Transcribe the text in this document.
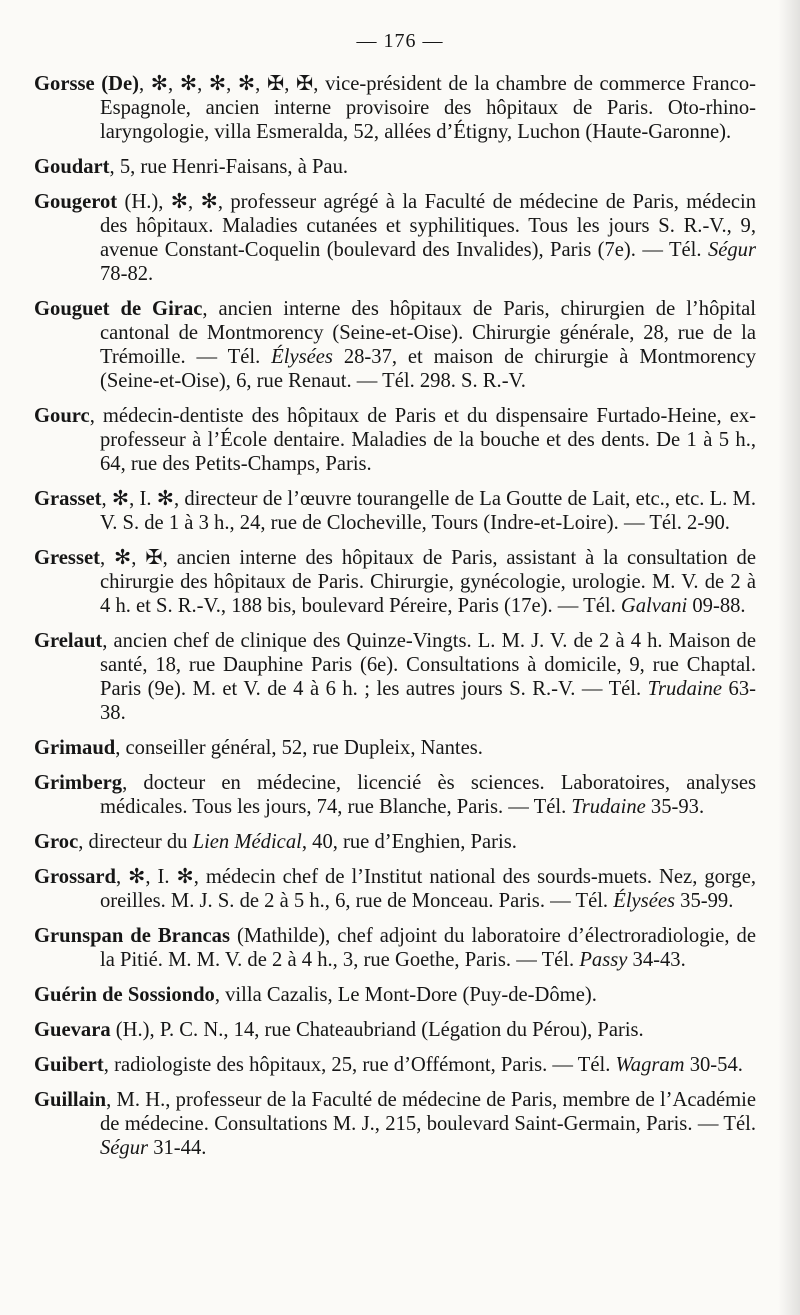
— 176 —

Gorsse (De), ✻, ✻, ✻, ✻, ✠, ✠, vice-président de la chambre de commerce Franco-Espagnole, ancien interne provisoire des hôpitaux de Paris. Oto-rhino-laryngologie, villa Esmeralda, 52, allées d’Étigny, Luchon (Haute-Garonne).

Goudart, 5, rue Henri-Faisans, à Pau.

Gougerot (H.), ✻, ✻, professeur agrégé à la Faculté de médecine de Paris, médecin des hôpitaux. Maladies cutanées et syphilitiques. Tous les jours S. R.-V., 9, avenue Constant-Coquelin (boulevard des Invalides), Paris (7e). — Tél. Ségur 78-82.

Gouguet de Girac, ancien interne des hôpitaux de Paris, chirurgien de l’hôpital cantonal de Montmorency (Seine-et-Oise). Chirurgie générale, 28, rue de la Trémoille. — Tél. Élysées 28-37, et maison de chirurgie à Montmorency (Seine-et-Oise), 6, rue Renaut. — Tél. 298. S. R.-V.

Gourc, médecin-dentiste des hôpitaux de Paris et du dispensaire Furtado-Heine, ex-professeur à l’École dentaire. Maladies de la bouche et des dents. De 1 à 5 h., 64, rue des Petits-Champs, Paris.

Grasset, ✻, I. ✻, directeur de l’œuvre tourangelle de La Goutte de Lait, etc., etc. L. M. V. S. de 1 à 3 h., 24, rue de Clocheville, Tours (Indre-et-Loire). — Tél. 2-90.

Gresset, ✻, ✠, ancien interne des hôpitaux de Paris, assistant à la consultation de chirurgie des hôpitaux de Paris. Chirurgie, gynécologie, urologie. M. V. de 2 à 4 h. et S. R.-V., 188 bis, boulevard Péreire, Paris (17e). — Tél. Galvani 09-88.

Grelaut, ancien chef de clinique des Quinze-Vingts. L. M. J. V. de 2 à 4 h. Maison de santé, 18, rue Dauphine Paris (6e). Consultations à domicile, 9, rue Chaptal. Paris (9e). M. et V. de 4 à 6 h. ; les autres jours S. R.-V. — Tél. Trudaine 63-38.

Grimaud, conseiller général, 52, rue Dupleix, Nantes.

Grimberg, docteur en médecine, licencié ès sciences. Laboratoires, analyses médicales. Tous les jours, 74, rue Blanche, Paris. — Tél. Trudaine 35-93.

Groc, directeur du Lien Médical, 40, rue d’Enghien, Paris.

Grossard, ✻, I. ✻, médecin chef de l’Institut national des sourds-muets. Nez, gorge, oreilles. M. J. S. de 2 à 5 h., 6, rue de Monceau. Paris. — Tél. Élysées 35-99.

Grunspan de Brancas (Mathilde), chef adjoint du laboratoire d’électroradiologie, de la Pitié. M. M. V. de 2 à 4 h., 3, rue Goethe, Paris. — Tél. Passy 34-43.

Guérin de Sossiondo, villa Cazalis, Le Mont-Dore (Puy-de-Dôme).

Guevara (H.), P. C. N., 14, rue Chateaubriand (Légation du Pérou), Paris.

Guibert, radiologiste des hôpitaux, 25, rue d’Offémont, Paris. — Tél. Wagram 30-54.

Guillain, M. H., professeur de la Faculté de médecine de Paris, membre de l’Académie de médecine. Consultations M. J., 215, boulevard Saint-Germain, Paris. — Tél. Ségur 31-44.
